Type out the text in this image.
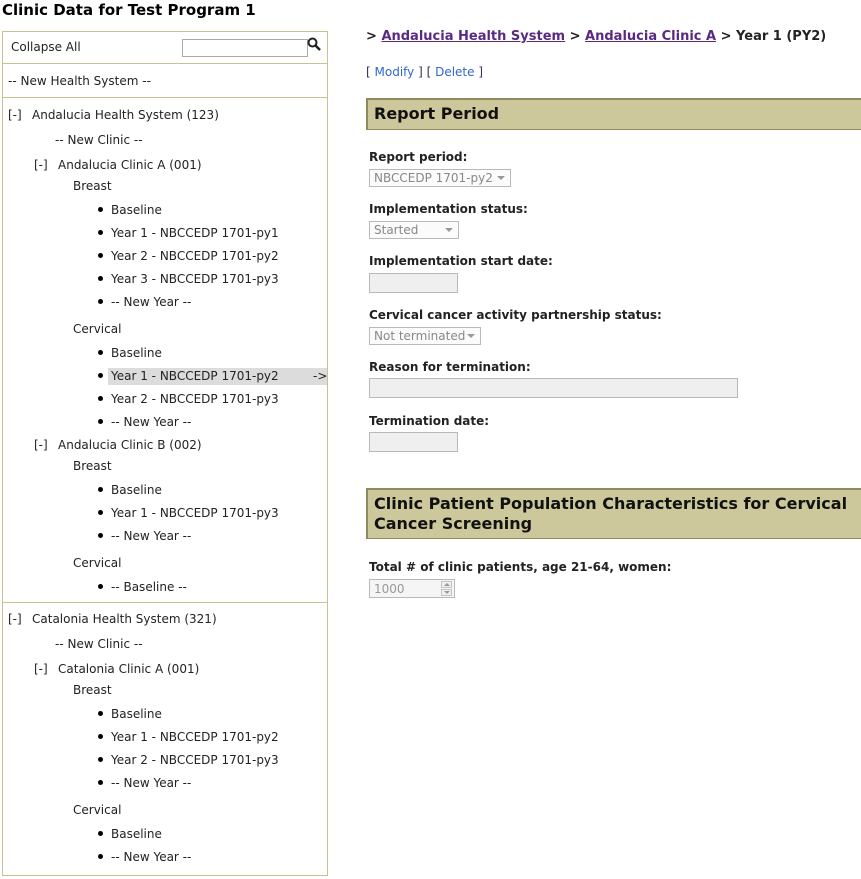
Clinic Data for Test Program 1
Collapse All
-- New Health System --
[-] Andalucia Health System (123)
-- New Clinic --
[-] Andalucia Clinic A (001)
Breast
Baseline
Year 1 - NBCCEDP 1701-py1
Year 2 - NBCCEDP 1701-py2
Year 3 - NBCCEDP 1701-py3
-- New Year --
Cervical
Baseline
Year 1 - NBCCEDP 1701-py2	->
Year 2 - NBCCEDP 1701-py3
-- New Year --
[-] Andalucia Clinic B (002)
Breast
Baseline
Year 1 - NBCCEDP 1701-py3
-- New Year --
Cervical
-- Baseline --
[-] Catalonia Health System (321)
-- New Clinic --
[-] Catalonia Clinic A (001)
Breast
Baseline
Year 1 - NBCCEDP 1701-py2
Year 2 - NBCCEDP 1701-py3
-- New Year --
Cervical
Baseline
-- New Year --
> Andalucia Health System > Andalucia Clinic A > Year 1 (PY2)
[ Modify ] [ Delete ]
Report Period
Report period:
NBCCEDP 1701-py2
Implementation status:
Started
Implementation start date:
Cervical cancer activity partnership status:
Not terminated
Reason for termination:
Termination date:
Clinic Patient Population Characteristics for Cervical Cancer Screening
Total # of clinic patients, age 21-64, women:
1000
